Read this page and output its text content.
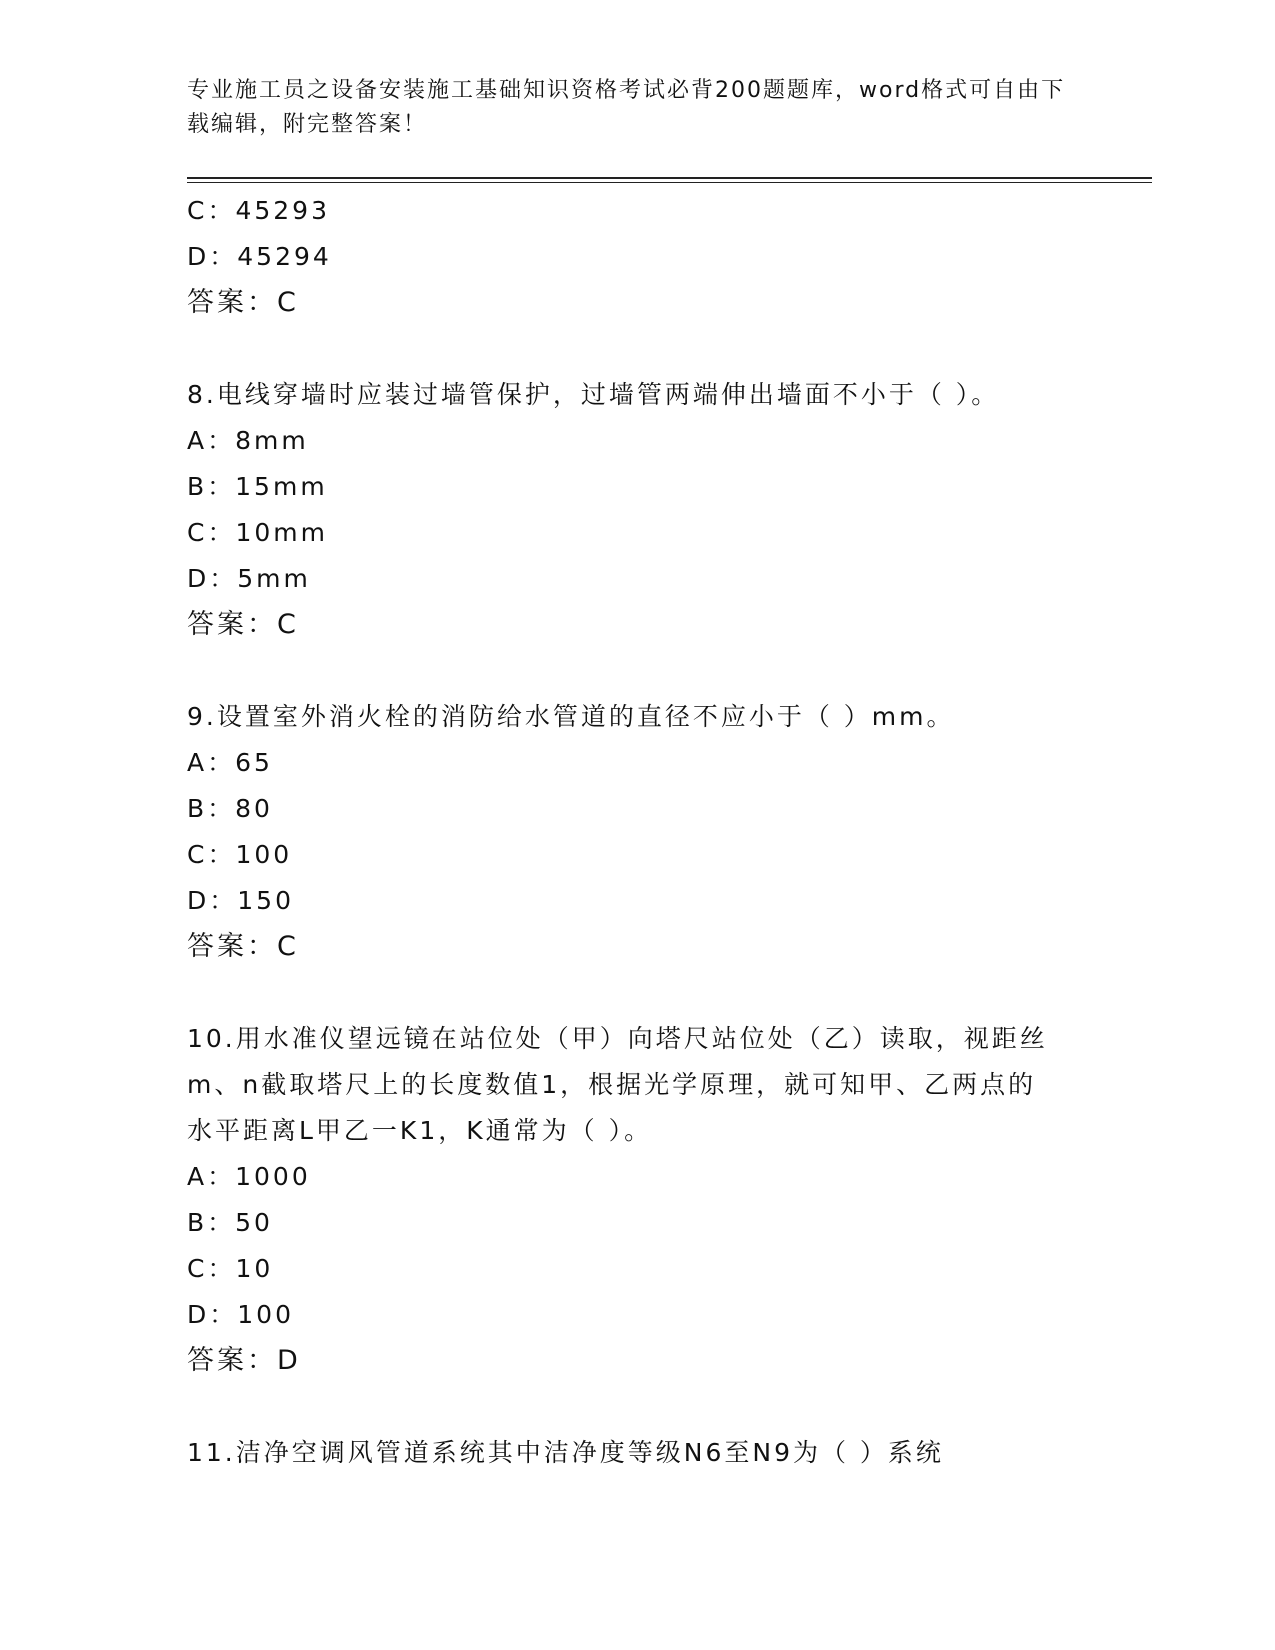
专业施工员之设备安装施工基础知识资格考试必背200题题库，word格式可自由下载编辑，附完整答案！
C：45293
D：45294
答案：C
8.电线穿墙时应装过墙管保护，过墙管两端伸出墙面不小于（ ）。
A：8mm
B：15mm
C：10mm
D：5mm
答案：C
9.设置室外消火栓的消防给水管道的直径不应小于（ ）mm。
A：65
B：80
C：100
D：150
答案：C
10.用水准仪望远镜在站位处（甲）向塔尺站位处（乙）读取，视距丝
m、n截取塔尺上的长度数值1，根据光学原理，就可知甲、乙两点的
水平距离L甲乙一K1，K通常为（ ）。
A：1000
B：50
C：10
D：100
答案：D
11.洁净空调风管道系统其中洁净度等级N6至N9为（ ）系统
